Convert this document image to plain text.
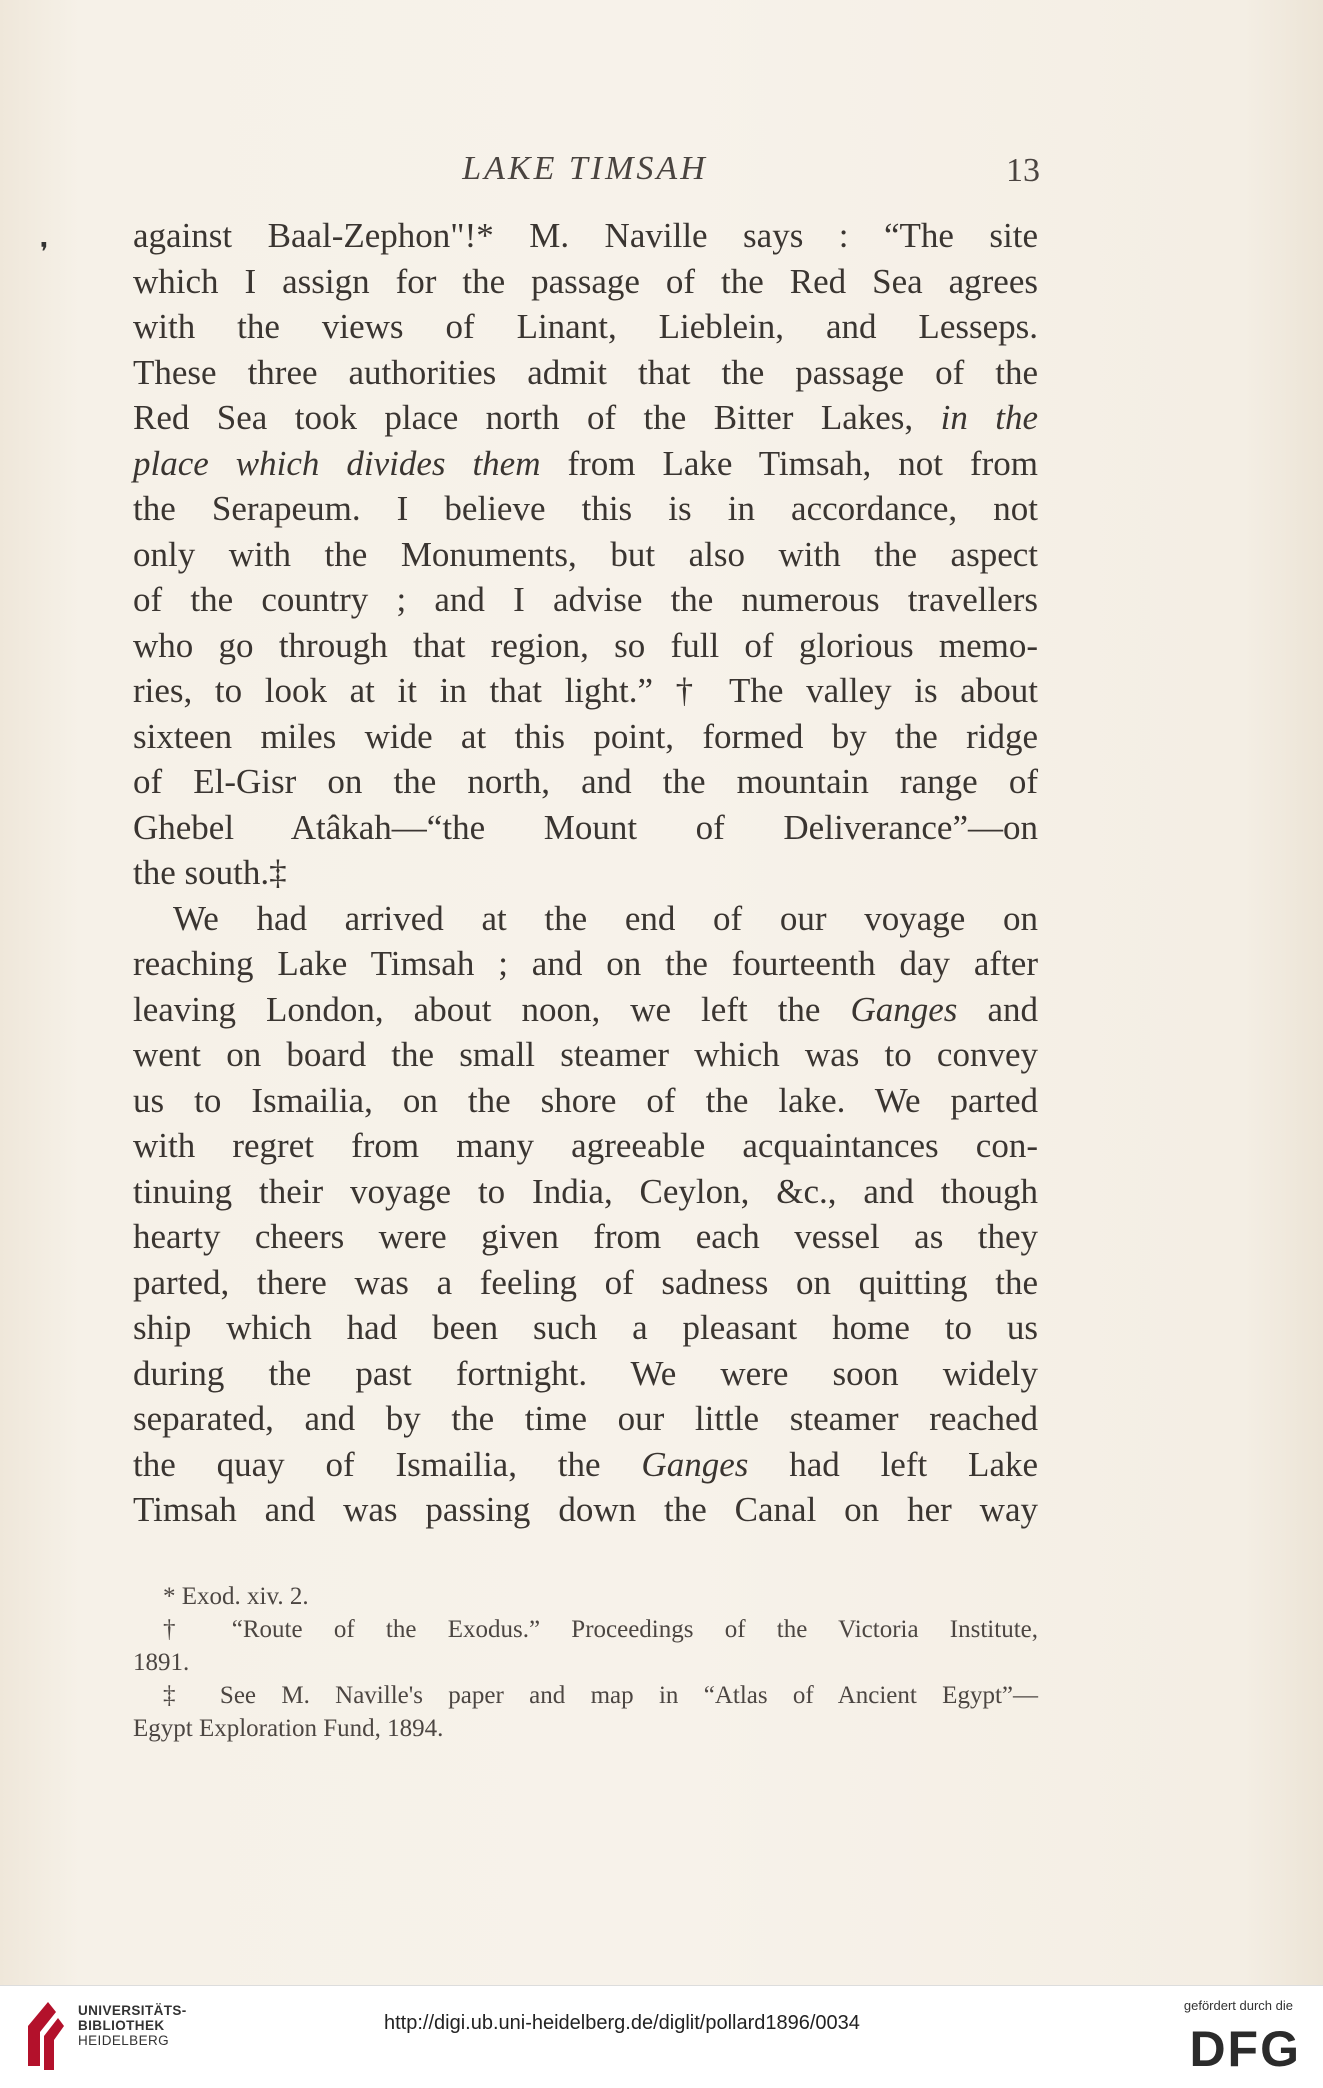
❜
LAKE TIMSAH	13
against Baal-Zephon"!* M. Naville says : “The site
which I assign for the passage of the Red Sea agrees
with the views of Linant, Lieblein, and Lesseps.
These three authorities admit that the passage of the
Red Sea took place north of the Bitter Lakes, in the
place which divides them from Lake Timsah, not from
the Serapeum. I believe this is in accordance, not
only with the Monuments, but also with the aspect
of the country ; and I advise the numerous travellers
who go through that region, so full of glorious memo-
ries, to look at it in that light.” † The valley is about
sixteen miles wide at this point, formed by the ridge
of El-Gisr on the north, and the mountain range of
Ghebel Atâkah—“the Mount of Deliverance”—on
the south.‡
We had arrived at the end of our voyage on
reaching Lake Timsah ; and on the fourteenth day after
leaving London, about noon, we left the Ganges and
went on board the small steamer which was to convey
us to Ismailia, on the shore of the lake. We parted
with regret from many agreeable acquaintances con-
tinuing their voyage to India, Ceylon, &c., and though
hearty cheers were given from each vessel as they
parted, there was a feeling of sadness on quitting the
ship which had been such a pleasant home to us
during the past fortnight. We were soon widely
separated, and by the time our little steamer reached
the quay of Ismailia, the Ganges had left Lake
Timsah and was passing down the Canal on her way
* Exod. xiv. 2.
† “Route of the Exodus.” Proceedings of the Victoria Institute,
1891.
‡ See M. Naville's paper and map in “Atlas of Ancient Egypt”—
Egypt Exploration Fund, 1894.
UNIVERSITÄTS-
BIBLIOTHEK
HEIDELBERG
http://digi.ub.uni-heidelberg.de/diglit/pollard1896/0034
gefördert durch die
DFG
